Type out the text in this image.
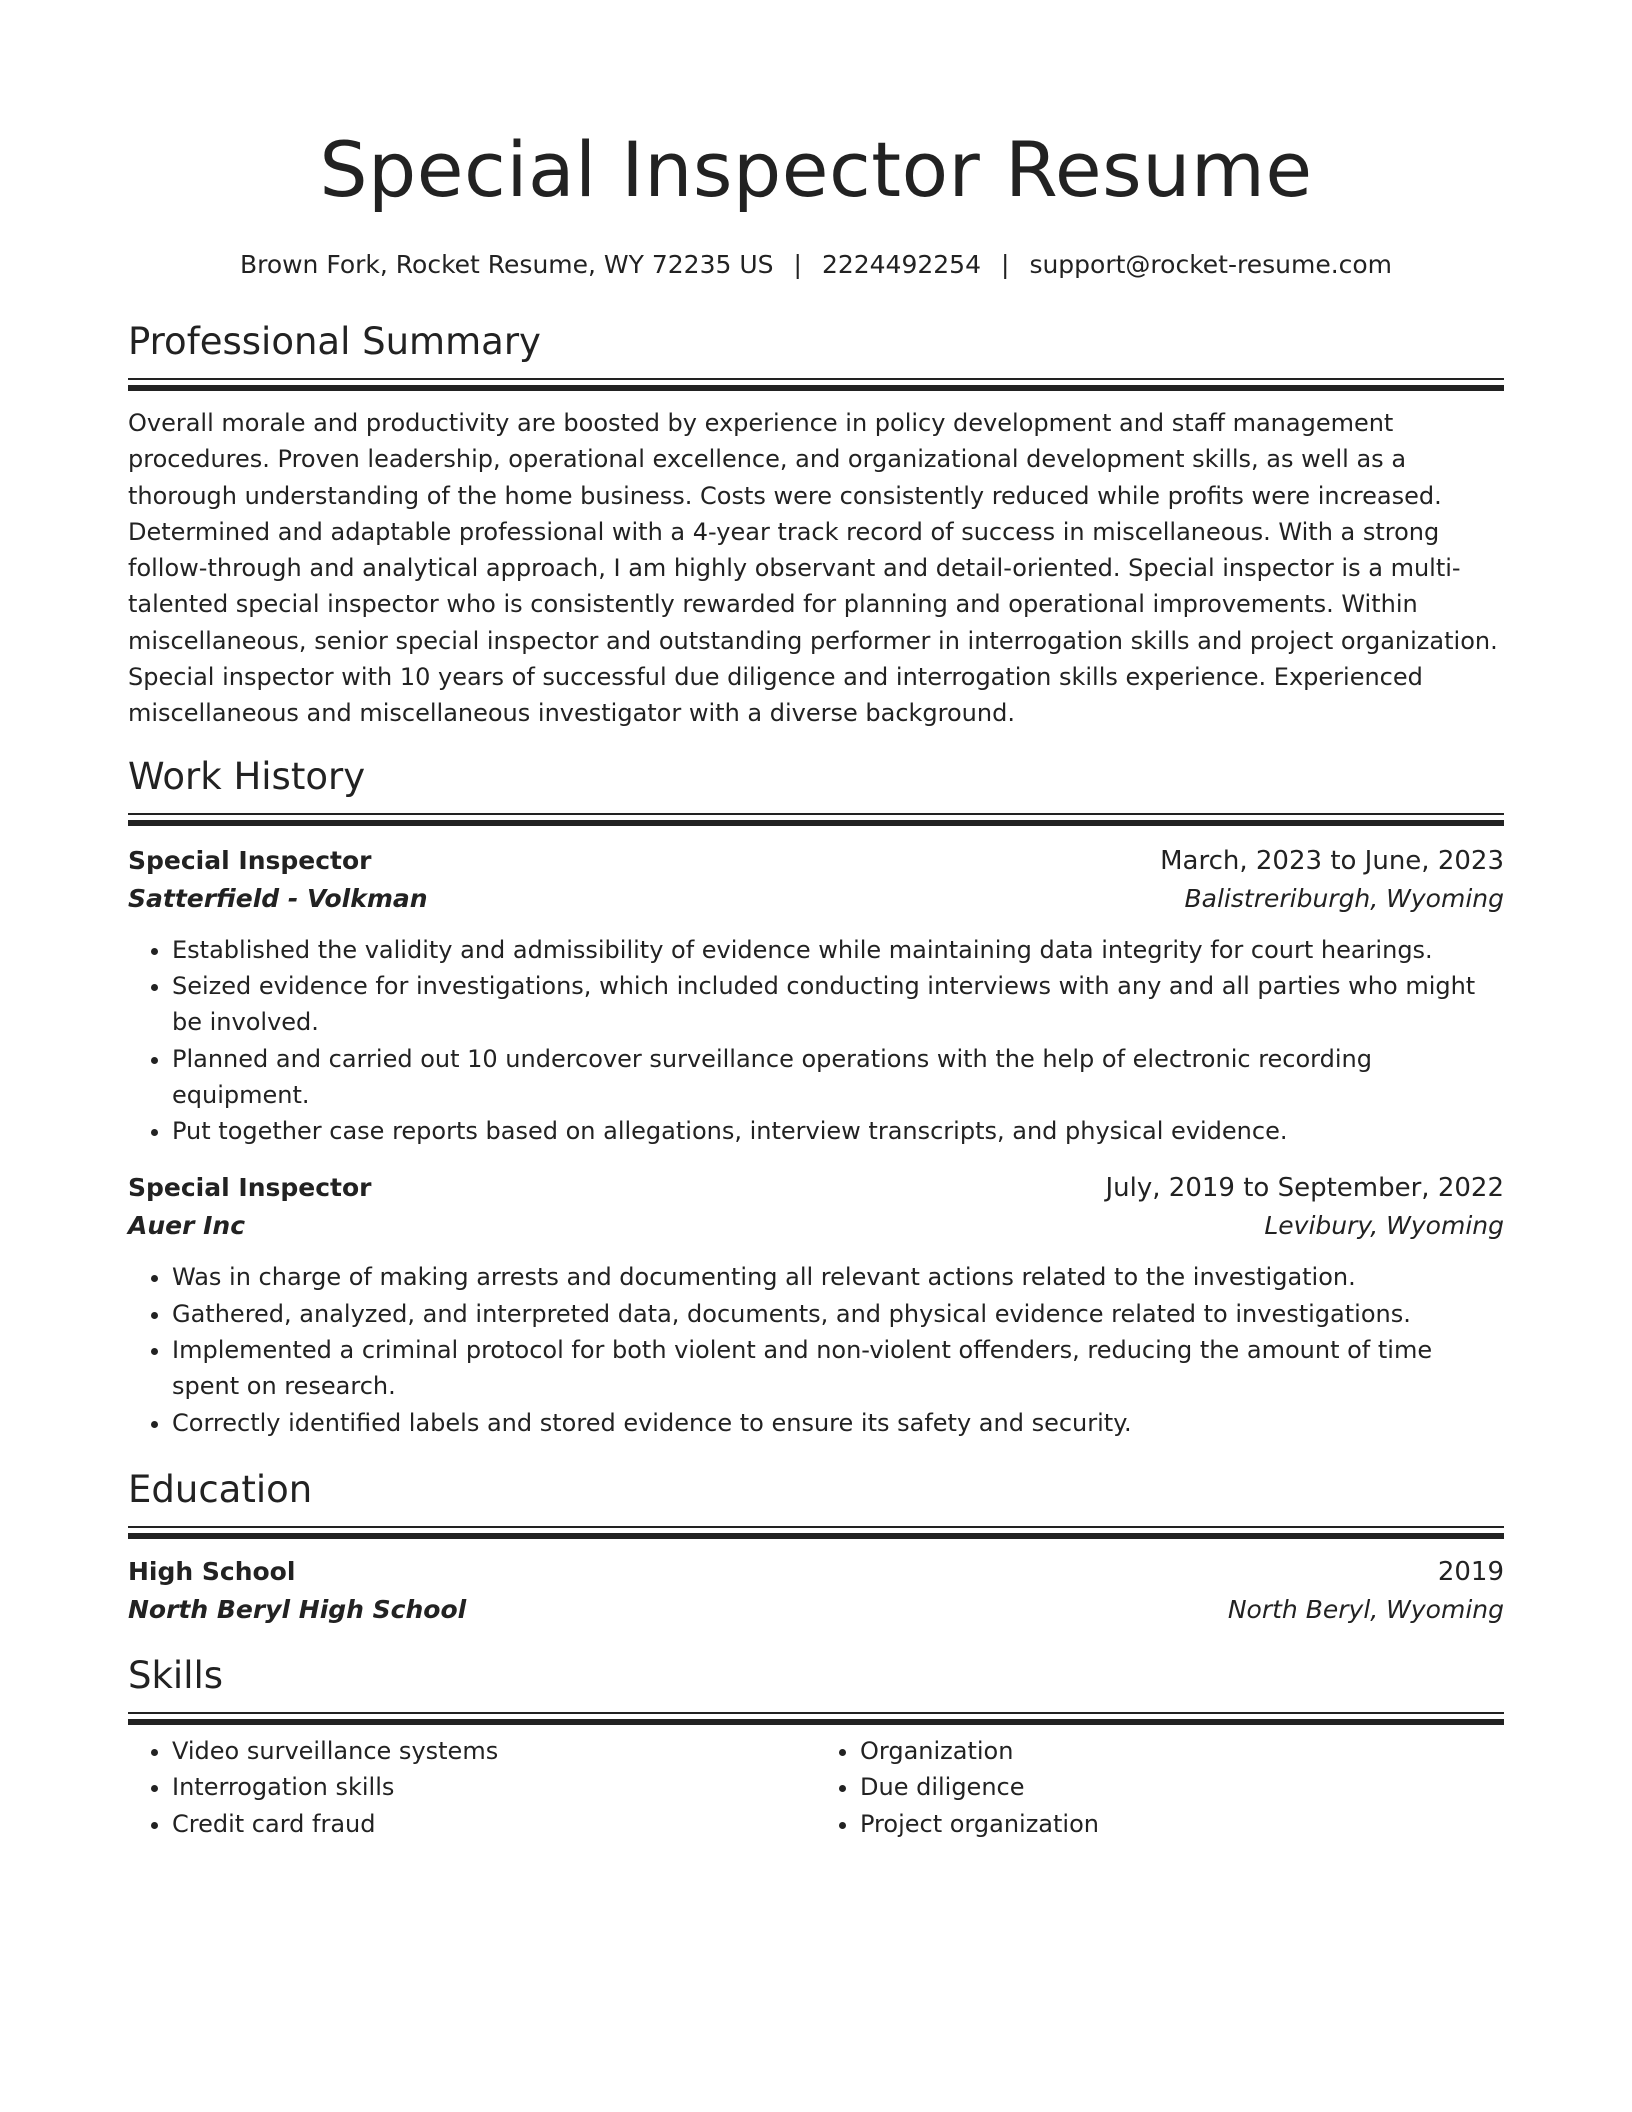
Special Inspector Resume
Brown Fork, Rocket Resume, WY 72235 US | 2224492254 | support@rocket-resume.com
Professional Summary

Overall morale and productivity are boosted by experience in policy development and staff management procedures. Proven leadership, operational excellence, and organizational development skills, as well as a thorough understanding of the home business. Costs were consistently reduced while profits were increased. Determined and adaptable professional with a 4-year track record of success in miscellaneous. With a strong follow-through and analytical approach, I am highly observant and detail-oriented. Special inspector is a multi-talented special inspector who is consistently rewarded for planning and operational improvements. Within miscellaneous, senior special inspector and outstanding performer in interrogation skills and project organization. Special inspector with 10 years of successful due diligence and interrogation skills experience. Experienced miscellaneous and miscellaneous investigator with a diverse background.

Work History
Special Inspector	March, 2023 to June, 2023
Satterfield - Volkman	Balistreriburgh, Wyoming
• Established the validity and admissibility of evidence while maintaining data integrity for court hearings.
• Seized evidence for investigations, which included conducting interviews with any and all parties who might be involved.
• Planned and carried out 10 undercover surveillance operations with the help of electronic recording equipment.
• Put together case reports based on allegations, interview transcripts, and physical evidence.
Special Inspector	July, 2019 to September, 2022
Auer Inc	Levibury, Wyoming
• Was in charge of making arrests and documenting all relevant actions related to the investigation.
• Gathered, analyzed, and interpreted data, documents, and physical evidence related to investigations.
• Implemented a criminal protocol for both violent and non-violent offenders, reducing the amount of time spent on research.
• Correctly identified labels and stored evidence to ensure its safety and security.
Education
High School	2019
North Beryl High School	North Beryl, Wyoming
Skills
• Video surveillance systems
• Interrogation skills
• Credit card fraud
• Organization
• Due diligence
• Project organization
